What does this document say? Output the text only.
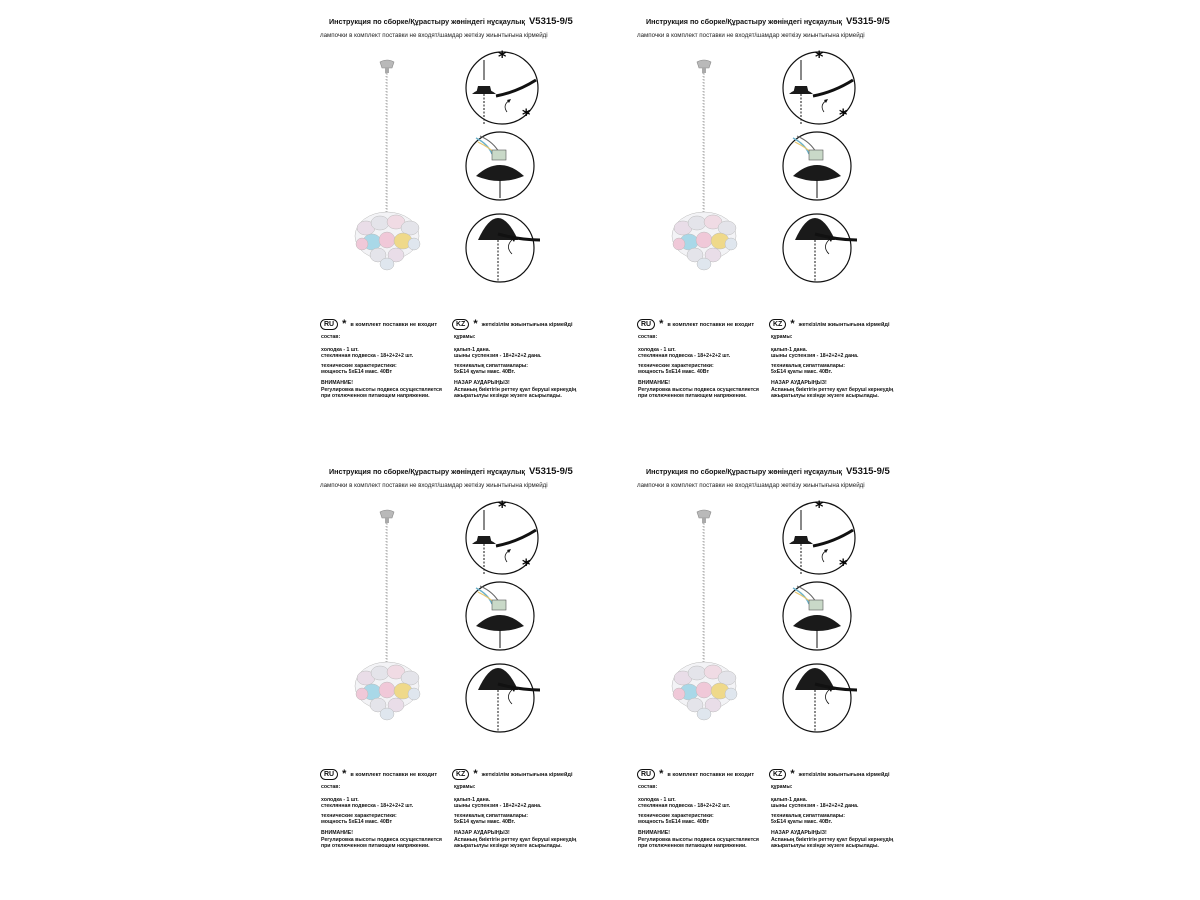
Инструкция по сборке/Құрастыру жөніндегі нұсқаулық V5315-9/5
лампочки в комплект поставки не входят/шамдар жеткізу жиынтығына кірмейді
*
*
RU * в комплект поставки не входит	KZ * жеткізілім жиынтығына кірмейді
состав:
холодка - 1 шт.
стеклянная подвеска - 18+2+2+2 шт.
технические характеристики:
мощность 5хЕ14 макс. 40Вт
ВНИМАНИЕ!
Регулировка высоты подвеса осуществляется
при отключенном питающем напряжении.
құрамы:
қалып-1 дана.
шыны суспензия - 18+2+2+2 дана.
техникалық сипаттамалары:
5хЕ14 қуаты макс. 40Вт.
НАЗАР АУДАРЫҢЫЗ!
Аспаның биіктігін реттеу қуат беруші кернеудің
ажыратылуы кезінде жүзеге асырылады.
Инструкция по сборке/Құрастыру жөніндегі нұсқаулық V5315-9/5
лампочки в комплект поставки не входят/шамдар жеткізу жиынтығына кірмейді
*
*
RU * в комплект поставки не входит	KZ * жеткізілім жиынтығына кірмейді
состав:
холодка - 1 шт.
стеклянная подвеска - 18+2+2+2 шт.
технические характеристики:
мощность 5хЕ14 макс. 40Вт
ВНИМАНИЕ!
Регулировка высоты подвеса осуществляется
при отключенном питающем напряжении.
құрамы:
қалып-1 дана.
шыны суспензия - 18+2+2+2 дана.
техникалық сипаттамалары:
5хЕ14 қуаты макс. 40Вт.
НАЗАР АУДАРЫҢЫЗ!
Аспаның биіктігін реттеу қуат беруші кернеудің
ажыратылуы кезінде жүзеге асырылады.
Инструкция по сборке/Құрастыру жөніндегі нұсқаулық V5315-9/5
лампочки в комплект поставки не входят/шамдар жеткізу жиынтығына кірмейді
*
*
RU * в комплект поставки не входит	KZ * жеткізілім жиынтығына кірмейді
состав:
холодка - 1 шт.
стеклянная подвеска - 18+2+2+2 шт.
технические характеристики:
мощность 5хЕ14 макс. 40Вт
ВНИМАНИЕ!
Регулировка высоты подвеса осуществляется
при отключенном питающем напряжении.
құрамы:
қалып-1 дана.
шыны суспензия - 18+2+2+2 дана.
техникалық сипаттамалары:
5хЕ14 қуаты макс. 40Вт.
НАЗАР АУДАРЫҢЫЗ!
Аспаның биіктігін реттеу қуат беруші кернеудің
ажыратылуы кезінде жүзеге асырылады.
Инструкция по сборке/Құрастыру жөніндегі нұсқаулық V5315-9/5
лампочки в комплект поставки не входят/шамдар жеткізу жиынтығына кірмейді
*
*
RU * в комплект поставки не входит	KZ * жеткізілім жиынтығына кірмейді
состав:
холодка - 1 шт.
стеклянная подвеска - 18+2+2+2 шт.
технические характеристики:
мощность 5хЕ14 макс. 40Вт
ВНИМАНИЕ!
Регулировка высоты подвеса осуществляется
при отключенном питающем напряжении.
құрамы:
қалып-1 дана.
шыны суспензия - 18+2+2+2 дана.
техникалық сипаттамалары:
5хЕ14 қуаты макс. 40Вт.
НАЗАР АУДАРЫҢЫЗ!
Аспаның биіктігін реттеу қуат беруші кернеудің
ажыратылуы кезінде жүзеге асырылады.
